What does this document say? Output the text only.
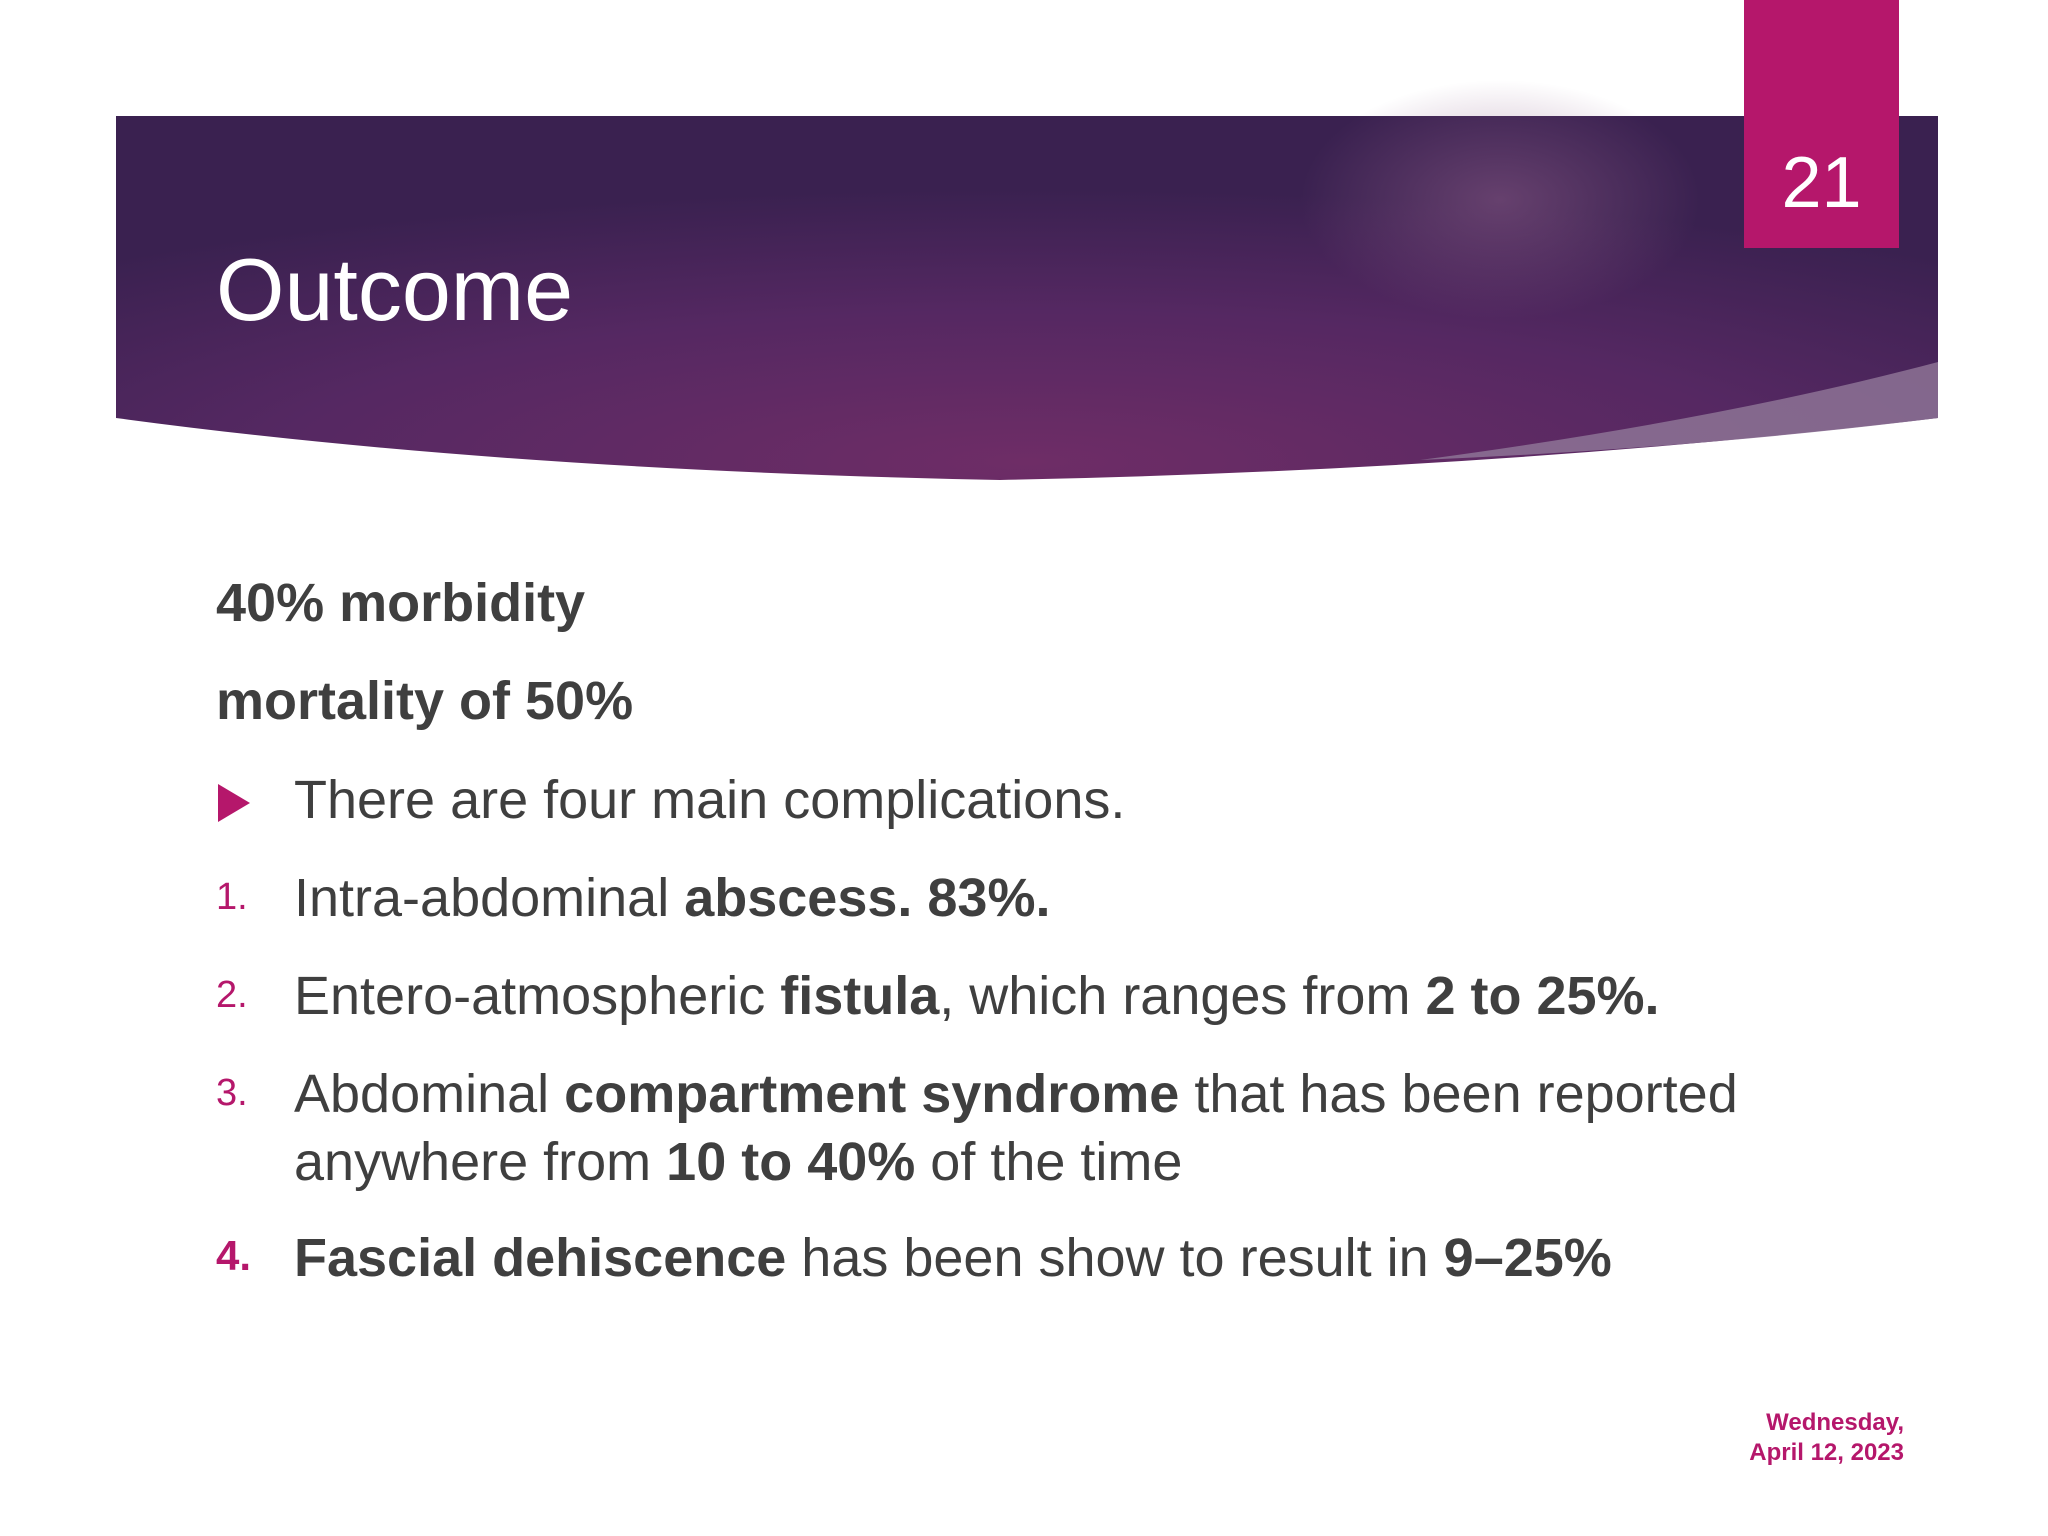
Outcome
21
40% morbidity
mortality of 50%
There are four main complications.
1. Intra-abdominal abscess. 83%.
2. Entero-atmospheric fistula, which ranges from 2 to 25%.
3. Abdominal compartment syndrome that has been reported
anywhere from 10 to 40% of the time
4. Fascial dehiscence has been show to result in 9–25%
Wednesday,
April 12, 2023
